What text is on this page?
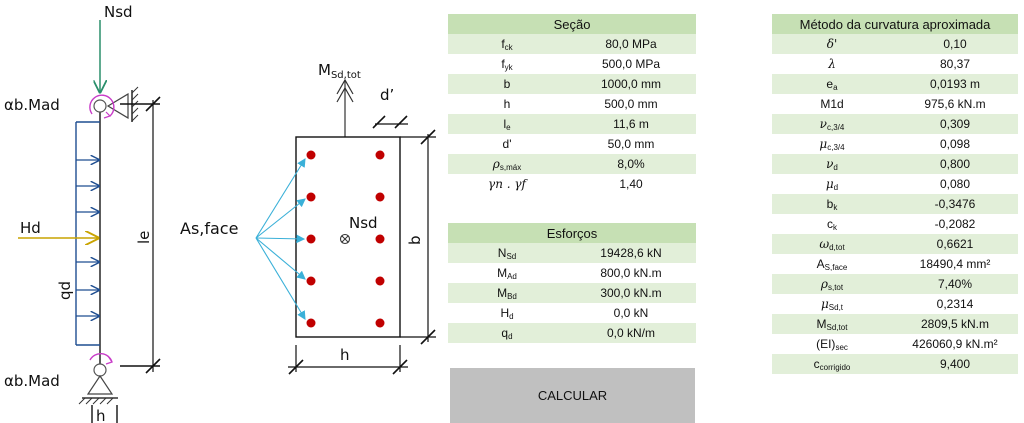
Nsd
qd
Hd
αb.Mad
αb.Mad
h
le
$M_{Sd,tot}$
As,face	Nsd
d’
b
h
Seção	
$f_{ck}$	80,0 MPa
$f_{yk}$	500,0 MPa
b	1000,0 mm
h	500,0 mm
$l_e$	11,6 m
d'	50,0 mm
$\rho_{s,máx}$	8,0%
γn . γf	1,40
Esforços	
$N_{Sd}$	19428,6 kN
$M_{Ad}$	800,0 kN.m
$M_{Bd}$	300,0 kN.m
$H_d$	0,0 kN
$q_d$	0,0 kN/m
Método da curvatura aproximada	
δ'	0,10
λ	80,37
$e_a$	0,0193 m
M1d	975,6 kN.m
$\nu_{c,3/4}$	0,309
$\mu_{c,3/4}$	0,098
$\nu_d$	0,800
$\mu_d$	0,080
$b_k$	-0,3476
$c_k$	-0,2082
$\omega_{d,tot}$	0,6621
$A_{S,face}$	18490,4 mm²
$\rho_{s,tot}$	7,40%
$\mu_{Sd,t}$	0,2314
$M_{Sd,tot}$	2809,5 kN.m
$(EI)_{sec}$	426060,9 kN.m²
$c_{corrigido}$	9,400
CALCULAR
